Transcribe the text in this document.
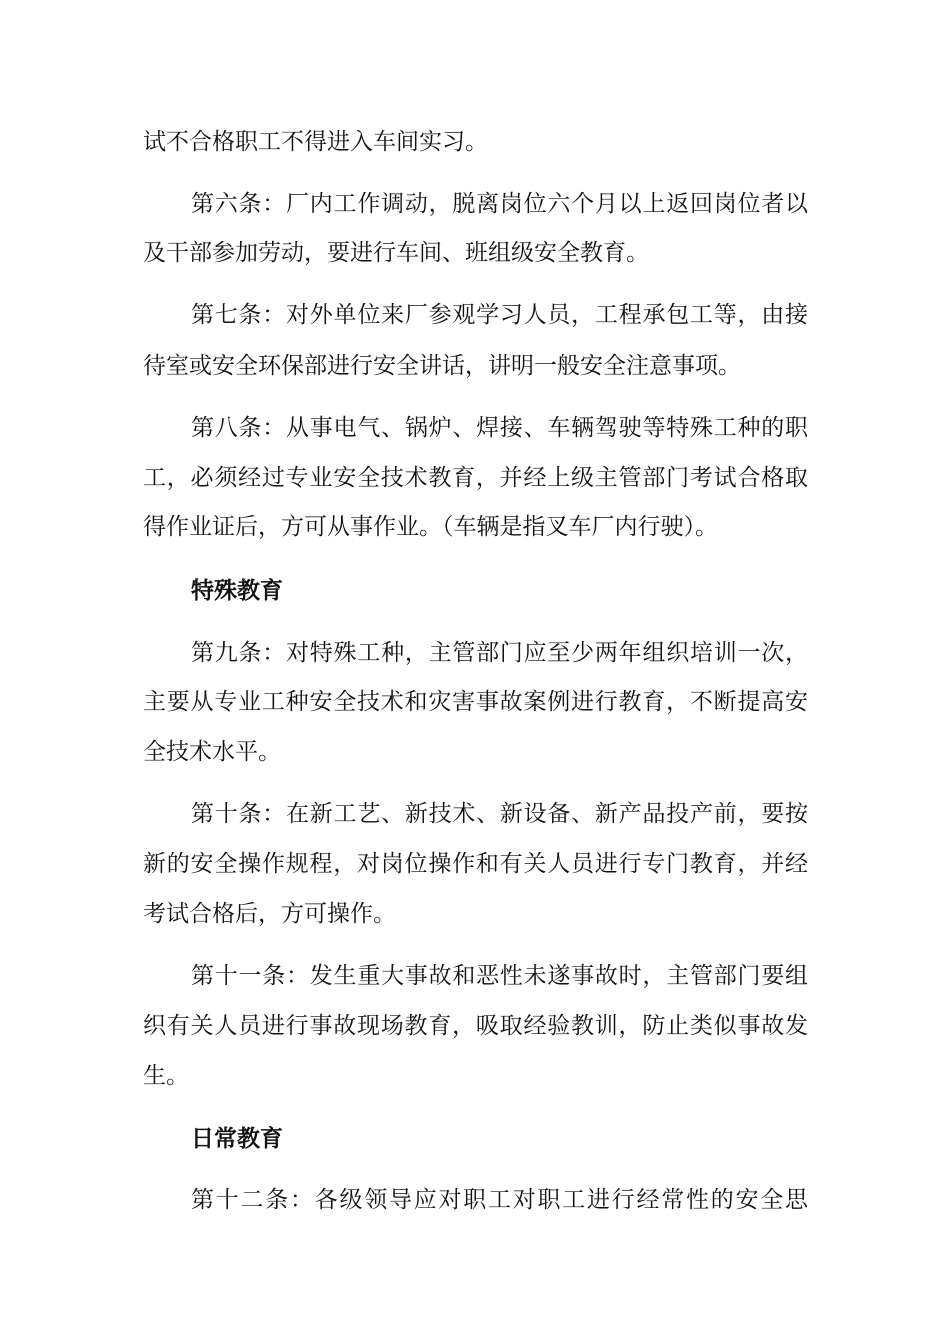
试不合格职工不得进入车间实习。
第六条：厂内工作调动，脱离岗位六个月以上返回岗位者以
及干部参加劳动，要进行车间、班组级安全教育。
第七条：对外单位来厂参观学习人员，工程承包工等，由接
待室或安全环保部进行安全讲话，讲明一般安全注意事项。
第八条：从事电气、锅炉、焊接、车辆驾驶等特殊工种的职
工，必须经过专业安全技术教育，并经上级主管部门考试合格取
得作业证后，方可从事作业。（车辆是指叉车厂内行驶）。
特殊教育
第九条：对特殊工种，主管部门应至少两年组织培训一次，
主要从专业工种安全技术和灾害事故案例进行教育，不断提高安
全技术水平。
第十条：在新工艺、新技术、新设备、新产品投产前，要按
新的安全操作规程，对岗位操作和有关人员进行专门教育，并经
考试合格后，方可操作。
第十一条：发生重大事故和恶性未遂事故时，主管部门要组
织有关人员进行事故现场教育，吸取经验教训，防止类似事故发
生。
日常教育
第十二条：各级领导应对职工对职工进行经常性的安全思
